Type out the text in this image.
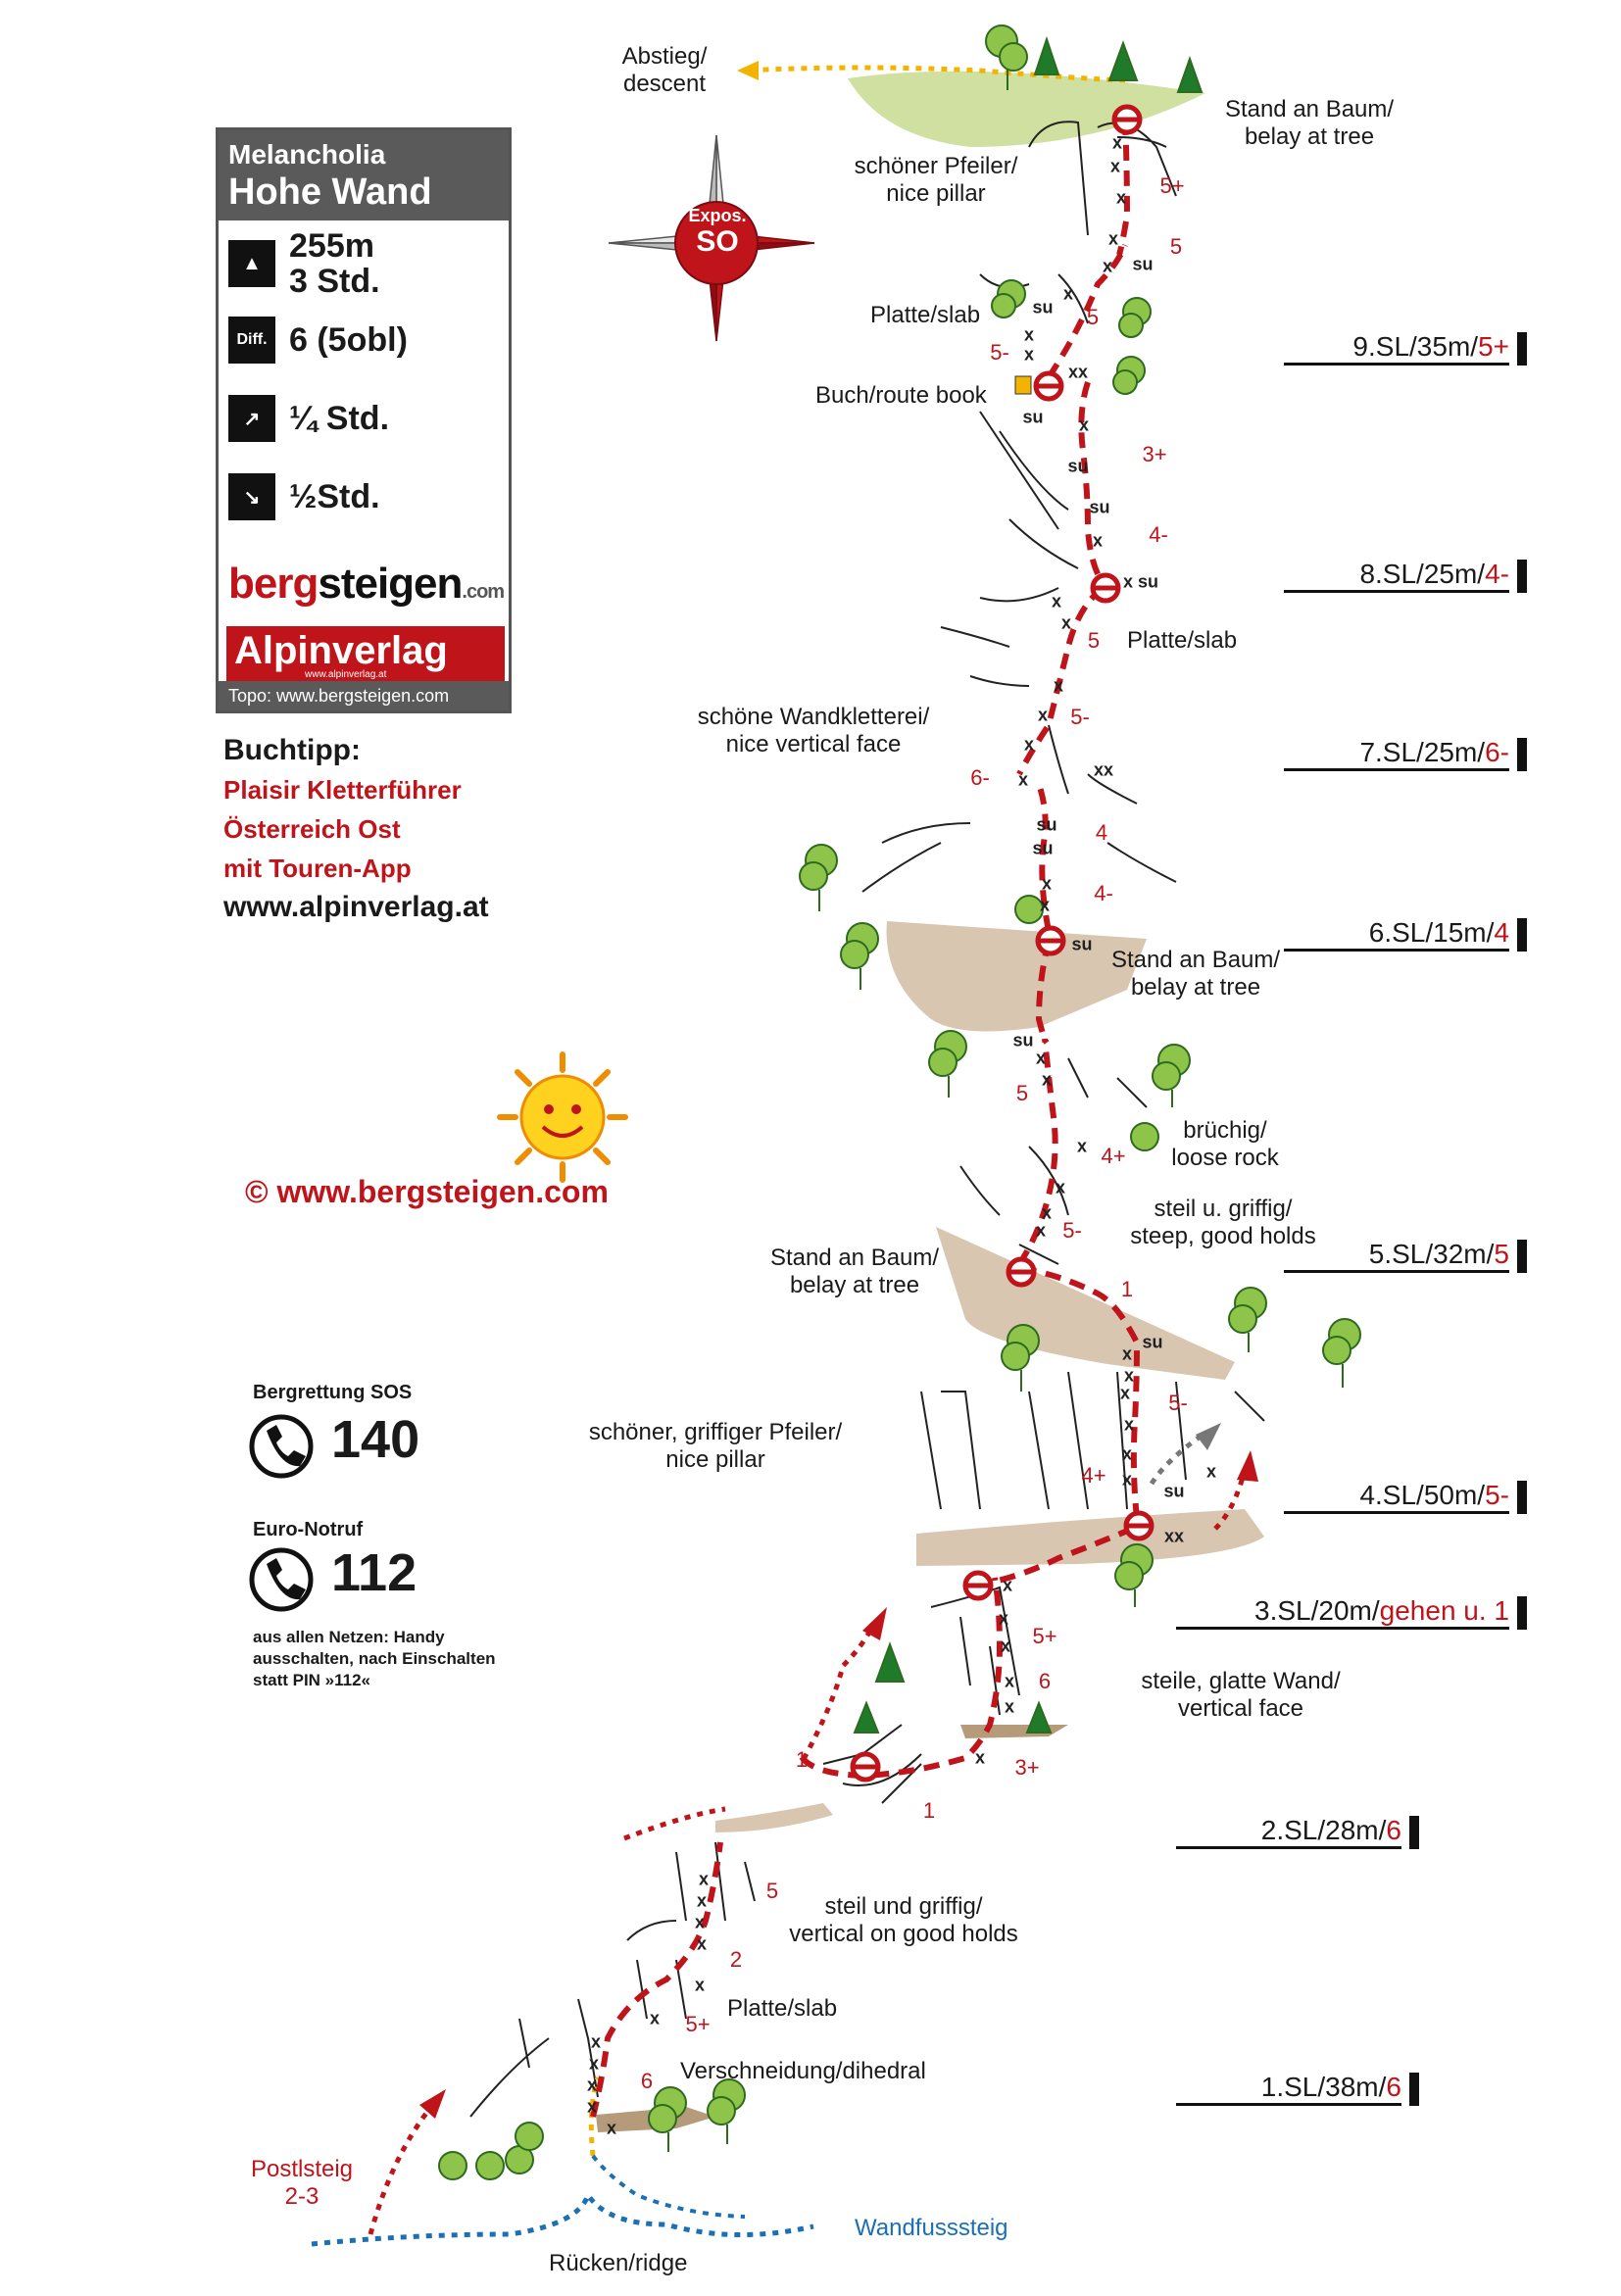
Expos.
SO
Melancholia
Hohe Wand
▲ 255m
3 Std.
Diff. 6 (5obl)
↗ ¼ Std.
↘ ½Std.
bergsteigen.com
Alpinverlag
www.alpinverlag.at
Topo: www.bergsteigen.com
Buchtipp:
Plaisir Kletterführer
Österreich Ost
mit Touren-App
www.alpinverlag.at
© www.bergsteigen.com
Bergrettung SOS
140
Euro-Notruf
112
aus allen Netzen: Handy
ausschalten, nach Einschalten
statt PIN »112«
9.SL/35m/5+
8.SL/25m/4-
7.SL/25m/6-
6.SL/15m/4
5.SL/32m/5
4.SL/50m/5-
3.SL/20m/gehen u. 1
2.SL/28m/6
1.SL/38m/6
Abstieg/
descent
Stand an Baum/
belay at tree
schöner Pfeiler/
nice pillar
Platte/slab
Buch/route book
Platte/slab
schöne Wandkletterei/
nice vertical face
Stand an Baum/
belay at tree
brüchig/
loose rock
steil u. griffig/
steep, good holds
Stand an Baum/
belay at tree
schöner, griffiger Pfeiler/
nice pillar
steile, glatte Wand/
vertical face
steil und griffig/
vertical on good holds
Platte/slab
Verschneidung/dihedral
Postlsteig
2-3
Wandfusssteig
Rücken/ridge
5+
5
5
5-
3+
4-
5
5-
6-
4
4-
5
4+
5-
1
5-
4+
5+
6
3+
1
1
5
2
5+
6
x
x
x
x
x su
x
su
x
x
xx
su x
su
su
x
x su
x
x
x
x
x
x	xx
su
su
x
x
su
su
x
x
x
x
x
x
su
x
x
x
x
x
x
su
x
xx
x
x
x
x
x
x
x
x
x
x
x
x
x
x
x
x
x
